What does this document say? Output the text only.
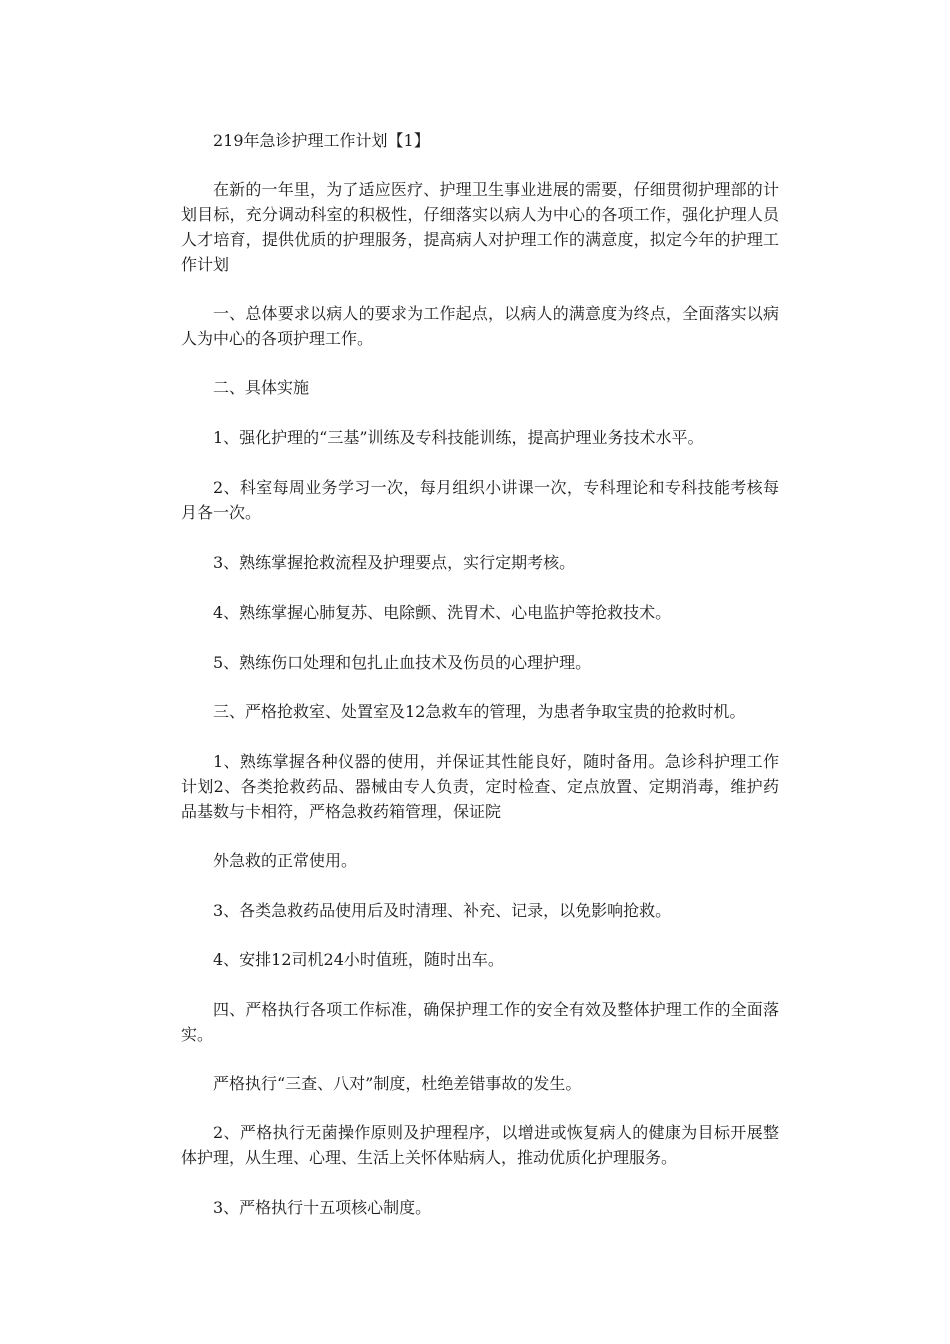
219年急诊护理工作计划【1】

在新的一年里，为了适应医疗、护理卫生事业进展的需要，仔细贯彻护理部的计划目标，充分调动科室的积极性，仔细落实以病人为中心的各项工作，强化护理人员人才培育，提供优质的护理服务，提高病人对护理工作的满意度，拟定今年的护理工作计划

一、总体要求以病人的要求为工作起点，以病人的满意度为终点，全面落实以病人为中心的各项护理工作。

二、具体实施

1、强化护理的“三基”训练及专科技能训练，提高护理业务技术水平。

2、科室每周业务学习一次，每月组织小讲课一次，专科理论和专科技能考核每月各一次。

3、熟练掌握抢救流程及护理要点，实行定期考核。

4、熟练掌握心肺复苏、电除颤、洗胃术、心电监护等抢救技术。

5、熟练伤口处理和包扎止血技术及伤员的心理护理。

三、严格抢救室、处置室及12急救车的管理，为患者争取宝贵的抢救时机。

1、熟练掌握各种仪器的使用，并保证其性能良好，随时备用。急诊科护理工作计划2、各类抢救药品、器械由专人负责，定时检查、定点放置、定期消毒，维护药品基数与卡相符，严格急救药箱管理，保证院

外急救的正常使用。

3、各类急救药品使用后及时清理、补充、记录，以免影响抢救。

4、安排12司机24小时值班，随时出车。

四、严格执行各项工作标准，确保护理工作的安全有效及整体护理工作的全面落实。

严格执行“三查、八对”制度，杜绝差错事故的发生。

2、严格执行无菌操作原则及护理程序，以增进或恢复病人的健康为目标开展整体护理，从生理、心理、生活上关怀体贴病人，推动优质化护理服务。

3、严格执行十五项核心制度。
